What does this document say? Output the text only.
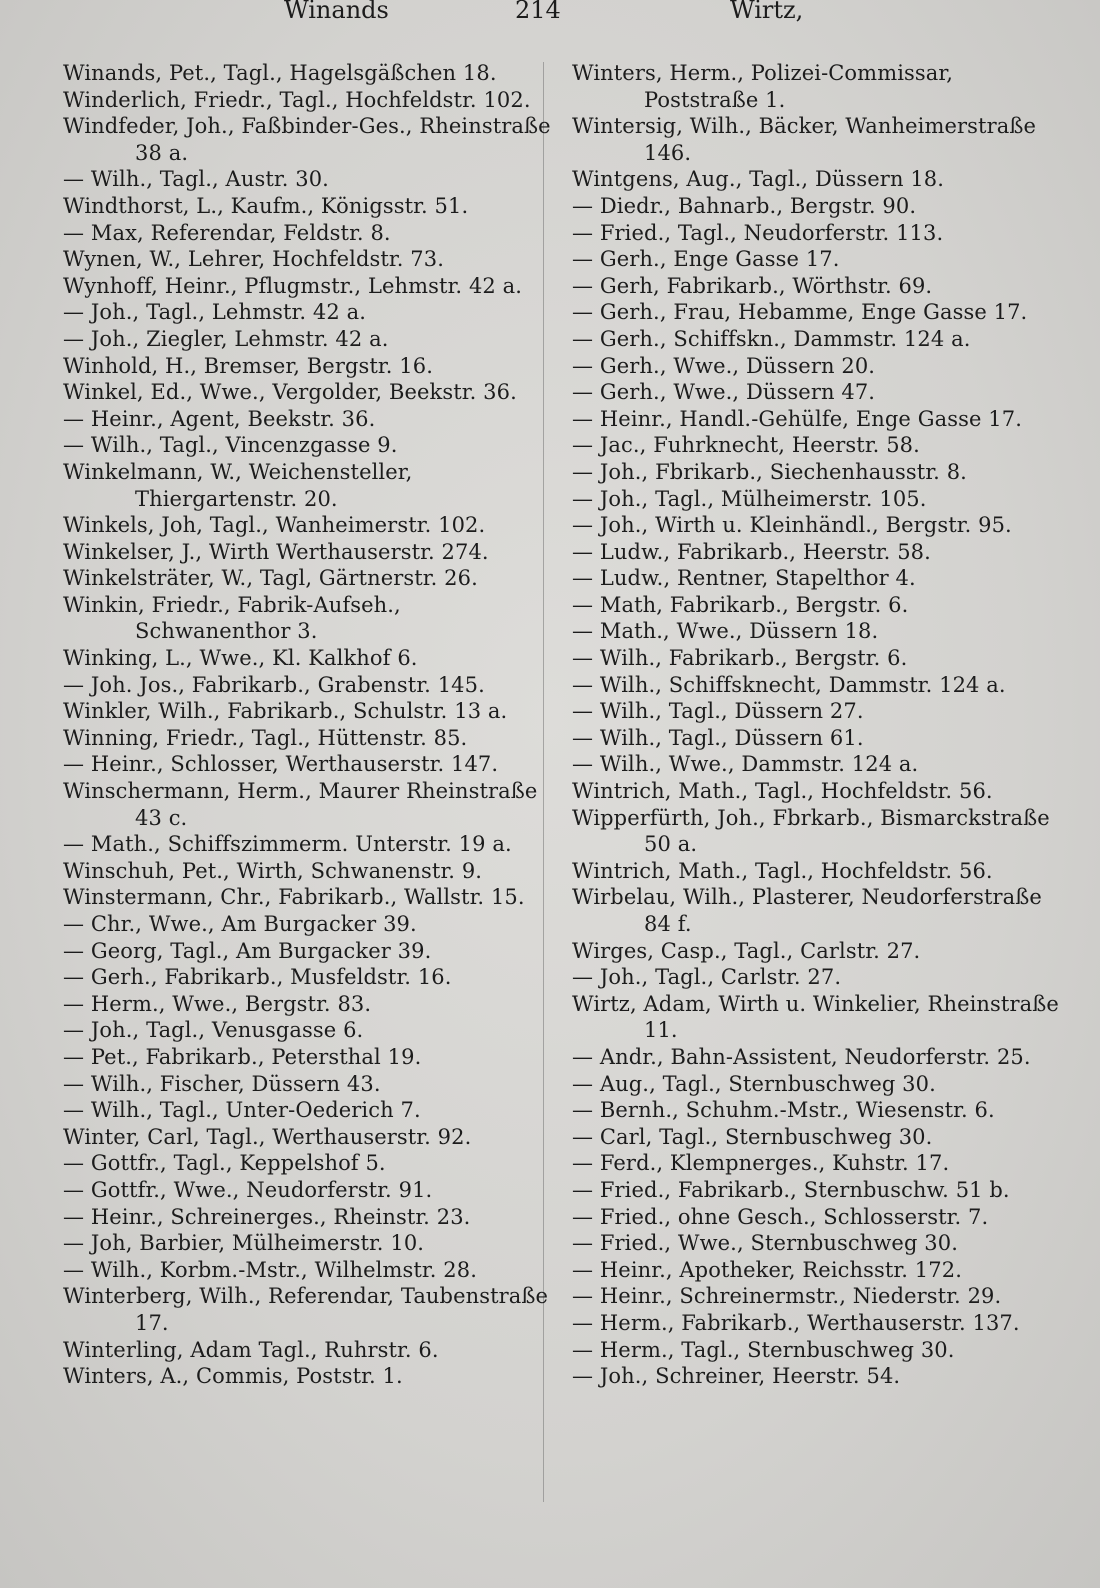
Winands	214	Wirtz,

Winands, Pet., Tagl., Hagelsgäßchen 18.

Winderlich, Friedr., Tagl., Hochfeldstr. 102.

Windfeder, Joh., Faßbinder-Ges., Rheinstraße 38 a.

— Wilh., Tagl., Austr. 30.

Windthorst, L., Kaufm., Königsstr. 51.

— Max, Referendar, Feldstr. 8.

Wynen, W., Lehrer, Hochfeldstr. 73.

Wynhoff, Heinr., Pflugmstr., Lehmstr. 42 a.

— Joh., Tagl., Lehmstr. 42 a.

— Joh., Ziegler, Lehmstr. 42 a.

Winhold, H., Bremser, Bergstr. 16.

Winkel, Ed., Wwe., Vergolder, Beekstr. 36.

— Heinr., Agent, Beekstr. 36.

— Wilh., Tagl., Vincenzgasse 9.

Winkelmann, W., Weichensteller, Thiergartenstr. 20.

Winkels, Joh, Tagl., Wanheimerstr. 102.

Winkelser, J., Wirth Werthauserstr. 274.

Winkelsträter, W., Tagl, Gärtnerstr. 26.

Winkin, Friedr., Fabrik-Aufseh., Schwanenthor 3.

Winking, L., Wwe., Kl. Kalkhof 6.

— Joh. Jos., Fabrikarb., Grabenstr. 145.

Winkler, Wilh., Fabrikarb., Schulstr. 13 a.

Winning, Friedr., Tagl., Hüttenstr. 85.

— Heinr., Schlosser, Werthauserstr. 147.

Winschermann, Herm., Maurer Rheinstraße 43 c.

— Math., Schiffszimmerm. Unterstr. 19 a.

Winschuh, Pet., Wirth, Schwanenstr. 9.

Winstermann, Chr., Fabrikarb., Wallstr. 15.

— Chr., Wwe., Am Burgacker 39.

— Georg, Tagl., Am Burgacker 39.

— Gerh., Fabrikarb., Musfeldstr. 16.

— Herm., Wwe., Bergstr. 83.

— Joh., Tagl., Venusgasse 6.

— Pet., Fabrikarb., Petersthal 19.

— Wilh., Fischer, Düssern 43.

— Wilh., Tagl., Unter-Oederich 7.

Winter, Carl, Tagl., Werthauserstr. 92.

— Gottfr., Tagl., Keppelshof 5.

— Gottfr., Wwe., Neudorferstr. 91.

— Heinr., Schreinerges., Rheinstr. 23.

— Joh, Barbier, Mülheimerstr. 10.

— Wilh., Korbm.-Mstr., Wilhelmstr. 28.

Winterberg, Wilh., Referendar, Taubenstraße 17.

Winterling, Adam Tagl., Ruhrstr. 6.

Winters, A., Commis, Poststr. 1.

Winters, Herm., Polizei-Commissar, Poststraße 1.

Wintersig, Wilh., Bäcker, Wanheimerstraße 146.

Wintgens, Aug., Tagl., Düssern 18.

— Diedr., Bahnarb., Bergstr. 90.

— Fried., Tagl., Neudorferstr. 113.

— Gerh., Enge Gasse 17.

— Gerh, Fabrikarb., Wörthstr. 69.

— Gerh., Frau, Hebamme, Enge Gasse 17.

— Gerh., Schiffskn., Dammstr. 124 a.

— Gerh., Wwe., Düssern 20.

— Gerh., Wwe., Düssern 47.

— Heinr., Handl.-Gehülfe, Enge Gasse 17.

— Jac., Fuhrknecht, Heerstr. 58.

— Joh., Fbrikarb., Siechenhausstr. 8.

— Joh., Tagl., Mülheimerstr. 105.

— Joh., Wirth u. Kleinhändl., Bergstr. 95.

— Ludw., Fabrikarb., Heerstr. 58.

— Ludw., Rentner, Stapelthor 4.

— Math, Fabrikarb., Bergstr. 6.

— Math., Wwe., Düssern 18.

— Wilh., Fabrikarb., Bergstr. 6.

— Wilh., Schiffsknecht, Dammstr. 124 a.

— Wilh., Tagl., Düssern 27.

— Wilh., Tagl., Düssern 61.

— Wilh., Wwe., Dammstr. 124 a.

Wintrich, Math., Tagl., Hochfeldstr. 56.

Wipperfürth, Joh., Fbrkarb., Bismarckstraße 50 a.

Wintrich, Math., Tagl., Hochfeldstr. 56.

Wirbelau, Wilh., Plasterer, Neudorferstraße 84 f.

Wirges, Casp., Tagl., Carlstr. 27.

— Joh., Tagl., Carlstr. 27.

Wirtz, Adam, Wirth u. Winkelier, Rheinstraße 11.

— Andr., Bahn-Assistent, Neudorferstr. 25.

— Aug., Tagl., Sternbuschweg 30.

— Bernh., Schuhm.-Mstr., Wiesenstr. 6.

— Carl, Tagl., Sternbuschweg 30.

— Ferd., Klempnerges., Kuhstr. 17.

— Fried., Fabrikarb., Sternbuschw. 51 b.

— Fried., ohne Gesch., Schlosserstr. 7.

— Fried., Wwe., Sternbuschweg 30.

— Heinr., Apotheker, Reichsstr. 172.

— Heinr., Schreinermstr., Niederstr. 29.

— Herm., Fabrikarb., Werthauserstr. 137.

— Herm., Tagl., Sternbuschweg 30.

— Joh., Schreiner, Heerstr. 54.
